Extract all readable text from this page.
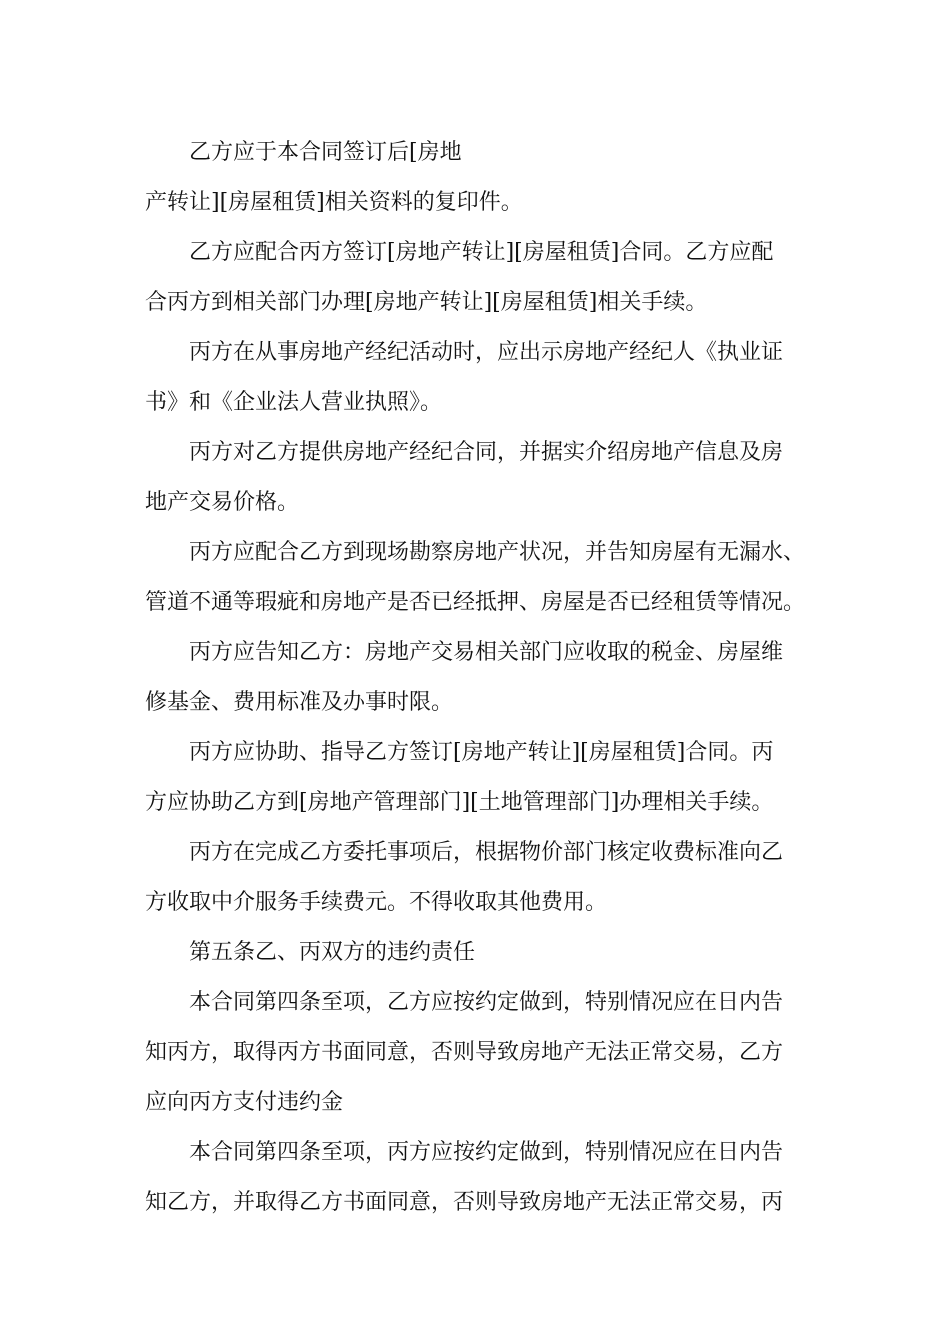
乙方应于本合同签订后[房地
产转让][房屋租赁]相关资料的复印件。
乙方应配合丙方签订[房地产转让][房屋租赁]合同。乙方应配
合丙方到相关部门办理[房地产转让][房屋租赁]相关手续。
丙方在从事房地产经纪活动时，应出示房地产经纪人《执业证
书》和《企业法人营业执照》。
丙方对乙方提供房地产经纪合同，并据实介绍房地产信息及房
地产交易价格。
丙方应配合乙方到现场勘察房地产状况，并告知房屋有无漏水、
管道不通等瑕疵和房地产是否已经抵押、房屋是否已经租赁等情况。
丙方应告知乙方：房地产交易相关部门应收取的税金、房屋维
修基金、费用标准及办事时限。
丙方应协助、指导乙方签订[房地产转让][房屋租赁]合同。丙
方应协助乙方到[房地产管理部门][土地管理部门]办理相关手续。
丙方在完成乙方委托事项后，根据物价部门核定收费标准向乙
方收取中介服务手续费元。不得收取其他费用。
第五条乙、丙双方的违约责任
本合同第四条至项，乙方应按约定做到，特别情况应在日内告
知丙方，取得丙方书面同意，否则导致房地产无法正常交易，乙方
应向丙方支付违约金
本合同第四条至项，丙方应按约定做到，特别情况应在日内告
知乙方，并取得乙方书面同意，否则导致房地产无法正常交易，丙
